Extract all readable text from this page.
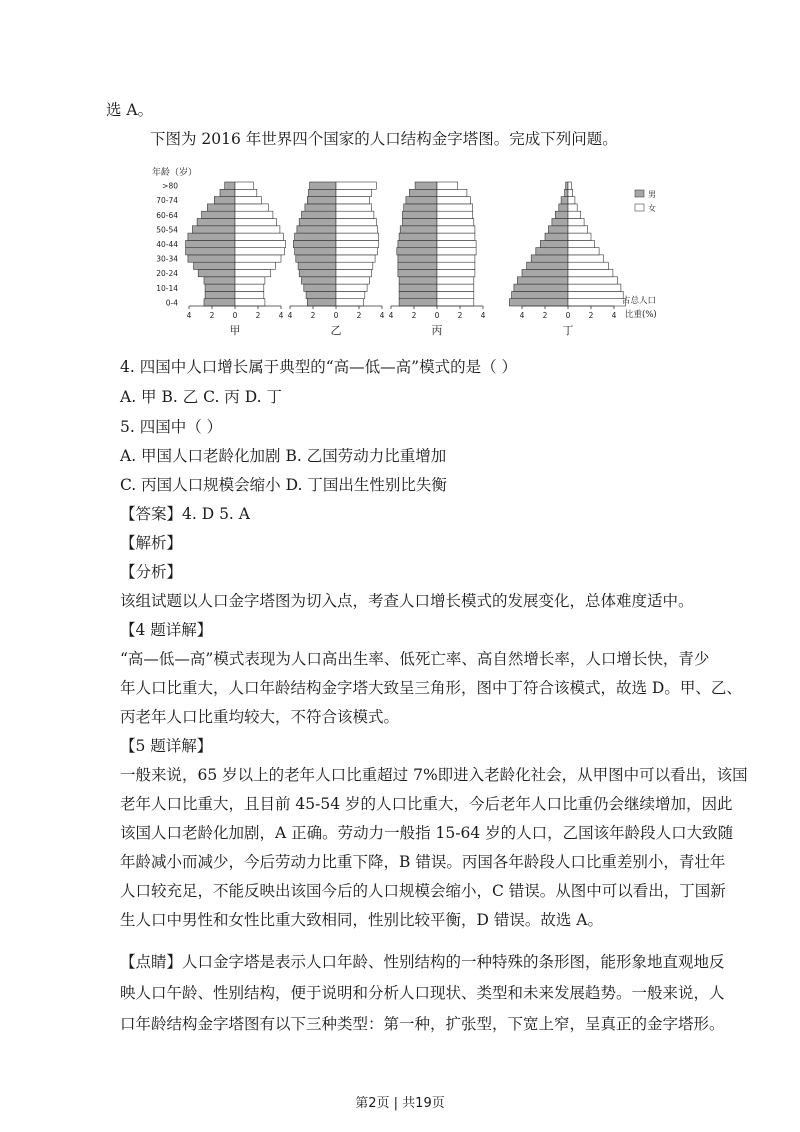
选 A。
下图为 2016 年世界四个国家的人口结构金字塔图。完成下列问题。
年龄（岁）
0-4
10-14
20-24
30-34
40-44
50-54
60-64
70-74
>80
4 2 0 2 4
甲
4 2 0 2 4
乙
4 2 0 2 4
丙
4 2 0 2 4
丁
男
女
占总人口
比重(%)
4. 四国中人口增长属于典型的“高—低—高”模式的是（ ）
A. 甲 B. 乙 C. 丙 D. 丁
5. 四国中（ ）
A. 甲国人口老龄化加剧 B. 乙国劳动力比重增加
C. 丙国人口规模会缩小 D. 丁国出生性别比失衡
【答案】4. D 5. A
【解析】
【分析】
该组试题以人口金字塔图为切入点，考查人口增长模式的发展变化，总体难度适中。
【4 题详解】
“高—低—高”模式表现为人口高出生率、低死亡率、高自然增长率，人口增长快，青少
年人口比重大，人口年龄结构金字塔大致呈三角形，图中丁符合该模式，故选 D。甲、乙、
丙老年人口比重均较大，不符合该模式。
【5 题详解】
一般来说，65 岁以上的老年人口比重超过 7%即进入老龄化社会，从甲图中可以看出，该国
老年人口比重大，且目前 45-54 岁的人口比重大，今后老年人口比重仍会继续增加，因此
该国人口老龄化加剧，A 正确。劳动力一般指 15-64 岁的人口，乙国该年龄段人口大致随
年龄减小而减少，今后劳动力比重下降，B 错误。丙国各年龄段人口比重差别小，青壮年
人口较充足，不能反映出该国今后的人口规模会缩小，C 错误。从图中可以看出，丁国新
生人口中男性和女性比重大致相同，性别比较平衡，D 错误。故选 A。
【点睛】人口金字塔是表示人口年龄、性别结构的一种特殊的条形图，能形象地直观地反
映人口午龄、性别结构，便于说明和分析人口现状、类型和未来发展趋势。一般来说，人
口年龄结构金字塔图有以下三种类型：第一种，扩张型，下宽上窄，呈真正的金字塔形。
第2页 | 共19页
